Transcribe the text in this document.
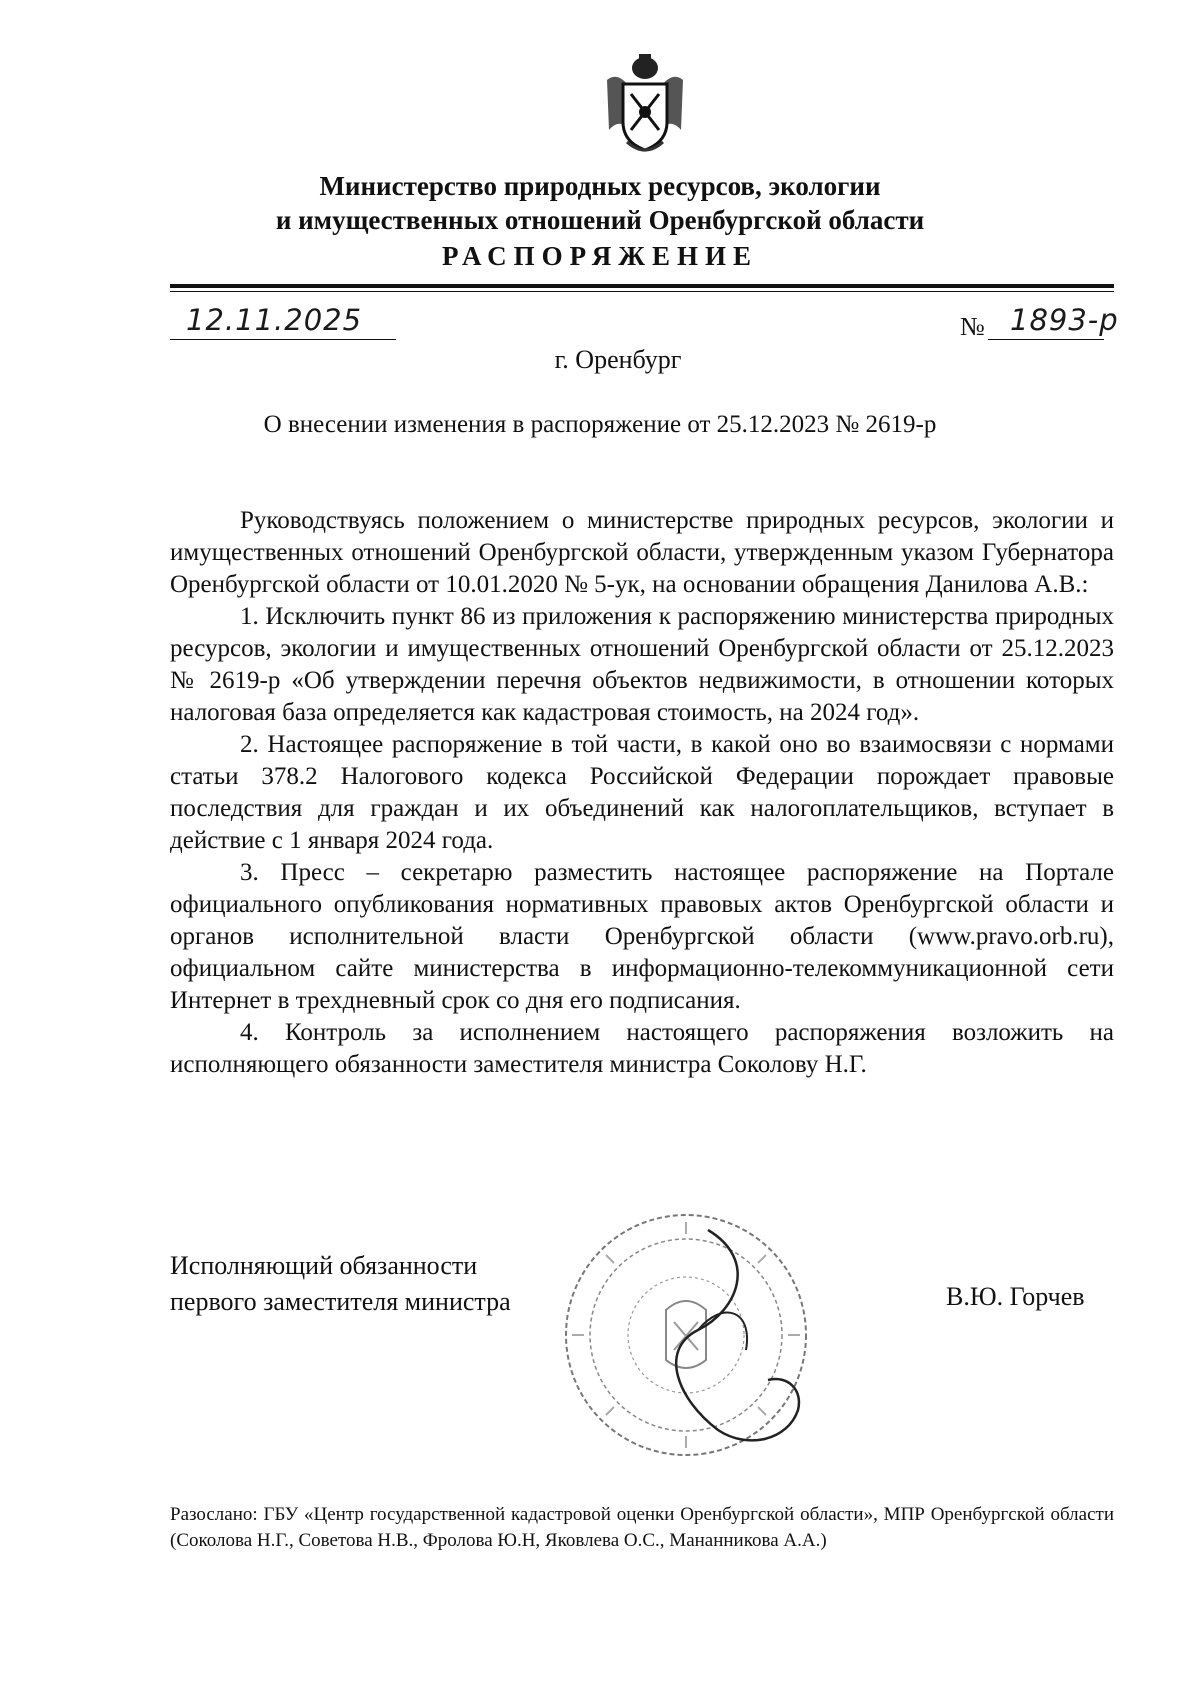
Министерство природных ресурсов, экологии
и имущественных отношений Оренбургской области
РАСПОРЯЖЕНИЕ
12.11.2025	№ 1893-р
г. Оренбург
О внесении изменения в распоряжение от 25.12.2023 № 2619-р

Руководствуясь положением о министерстве природных ресурсов, экологии и имущественных отношений Оренбургской области, утвержденным указом Губернатора Оренбургской области от 10.01.2020 № 5-ук, на основании обращения Данилова А.В.:

1. Исключить пункт 86 из приложения к распоряжению министерства природных ресурсов, экологии и имущественных отношений Оренбургской области от 25.12.2023 № 2619-р «Об утверждении перечня объектов недвижимости, в отношении которых налоговая база определяется как кадастровая стоимость, на 2024 год».

2. Настоящее распоряжение в той части, в какой оно во взаимосвязи с нормами статьи 378.2 Налогового кодекса Российской Федерации порождает правовые последствия для граждан и их объединений как налогоплательщиков, вступает в действие с 1 января 2024 года.

3. Пресс – секретарю разместить настоящее распоряжение на Портале официального опубликования нормативных правовых актов Оренбургской области и органов исполнительной власти Оренбургской области (www.pravo.orb.ru), официальном сайте министерства в информационно-телекоммуникационной сети Интернет в трехдневный срок со дня его подписания.

4. Контроль за исполнением настоящего распоряжения возложить на исполняющего обязанности заместителя министра Соколову Н.Г.

Исполняющий обязанности
первого заместителя министра	В.Ю. Горчев

Разослано: ГБУ «Центр государственной кадастровой оценки Оренбургской области», МПР Оренбургской области (Соколова Н.Г., Советова Н.В., Фролова Ю.Н, Яковлева О.С., Мананникова А.А.)
